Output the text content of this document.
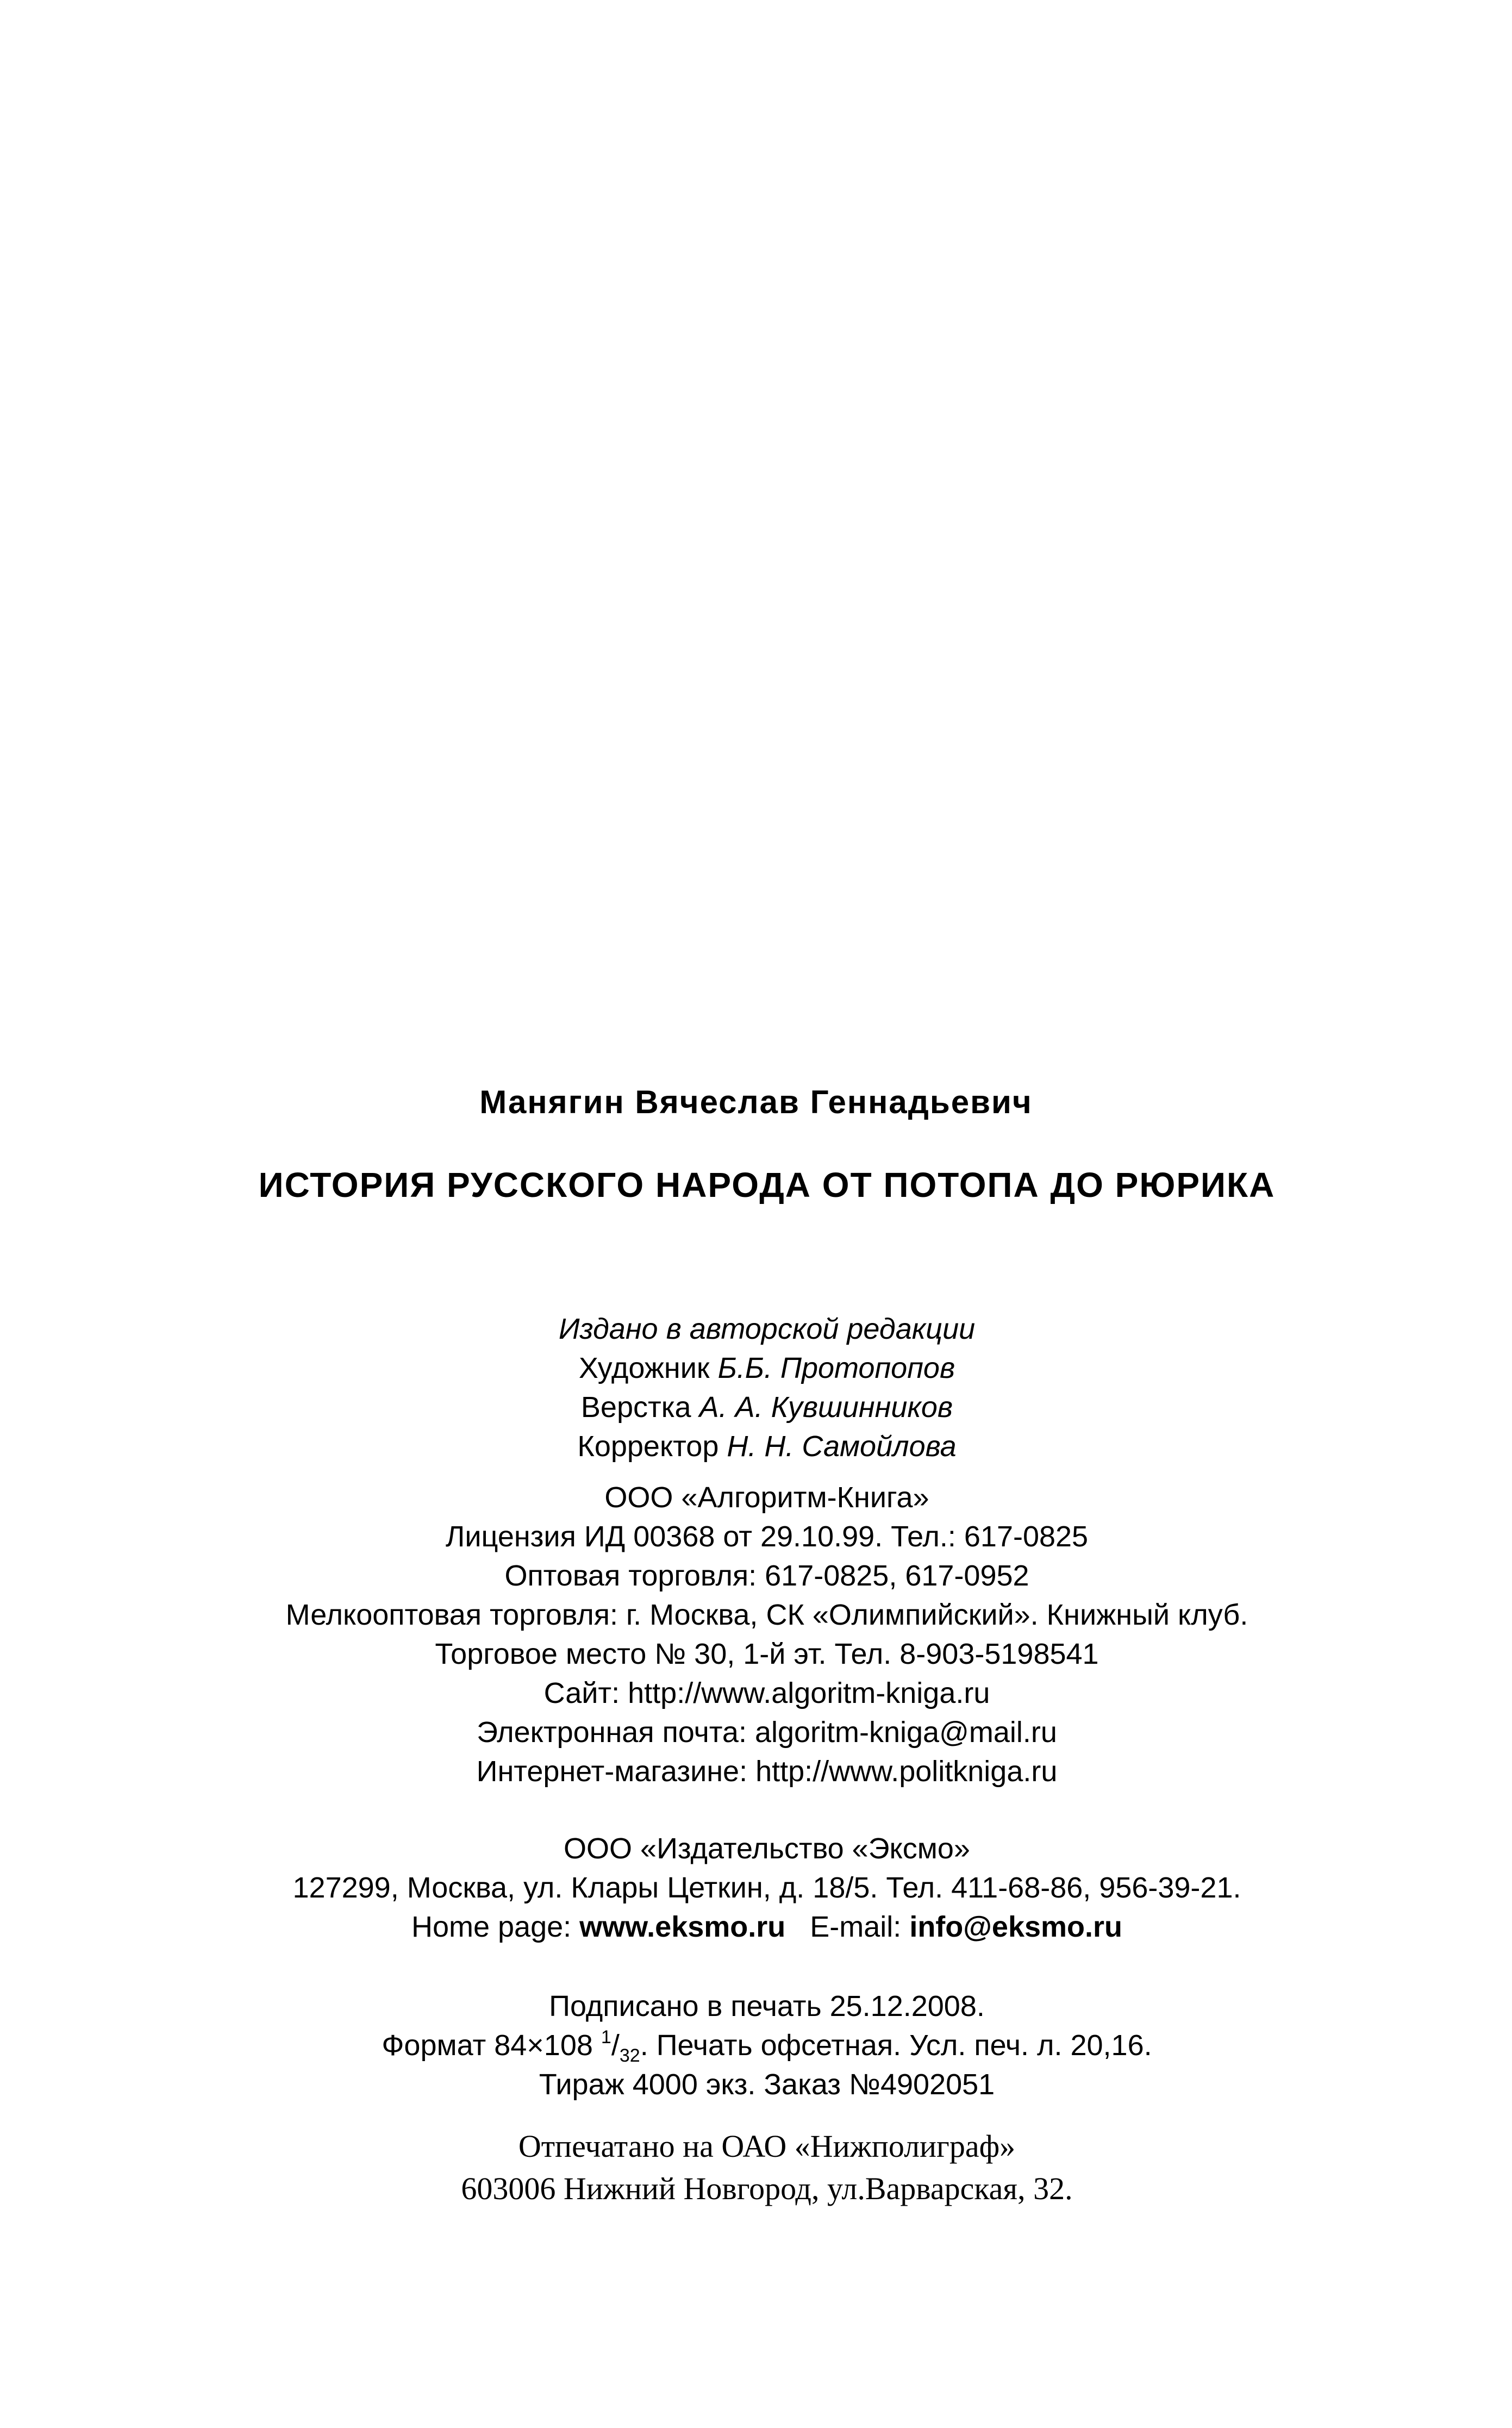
Манягин Вячеслав Геннадьевич
ИСТОРИЯ РУССКОГО НАРОДА ОТ ПОТОПА ДО РЮРИКА
Издано в авторской редакции
Художник Б.Б. Протопопов
Верстка А. А. Кувшинников
Корректор Н. Н. Самойлова
ООО «Алгоритм-Книга»
Лицензия ИД 00368 от 29.10.99. Тел.: 617-0825
Оптовая торговля: 617-0825, 617-0952
Мелкооптовая торговля: г. Москва, СК «Олимпийский». Книжный клуб.
Торговое место № 30, 1-й эт. Тел. 8-903-5198541
Сайт: http://www.algoritm-kniga.ru
Электронная почта: algoritm-kniga@mail.ru
Интернет-магазине: http://www.politkniga.ru
ООО «Издательство «Эксмо»
127299, Москва, ул. Клары Цеткин, д. 18/5. Тел. 411-68-86, 956-39-21.
Home page: www.eksmo.ru E-mail: info@eksmo.ru
Подписано в печать 25.12.2008.
Формат 84×108 $^1/_{32}$. Печать офсетная. Усл. печ. л. 20,16.
Тираж 4000 экз. Заказ №4902051
Отпечатано на ОАО «Нижполиграф»
603006 Нижний Новгород, ул.Варварская, 32.
